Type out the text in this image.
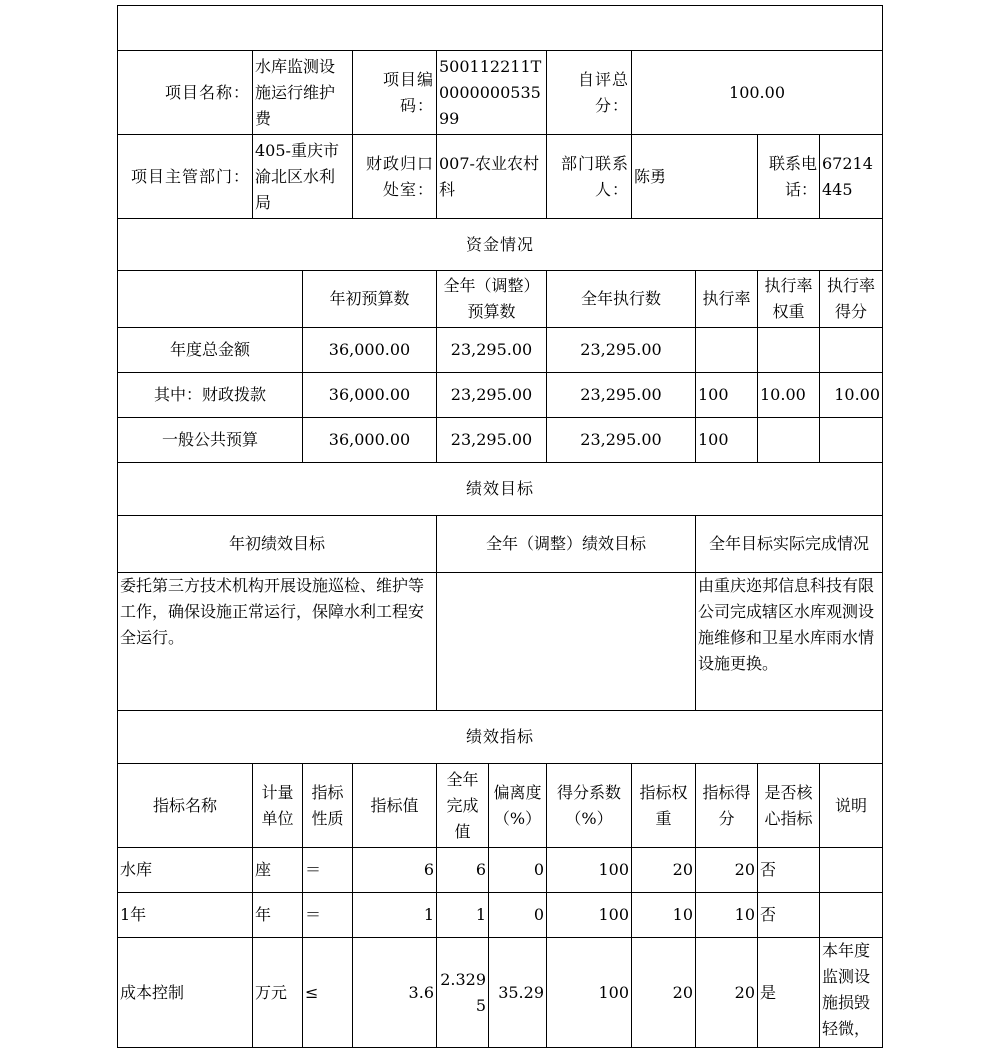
项目名称：	水库监测设施运行维护费		项目编码：	500112211T000000053599		自评总分：	100.00			
项目主管部门：	405-重庆市渝北区水利局		财政归口处室：	007-农业农村科		部门联系人：	陈勇		联系电话：	67214445
资金情况										
		年初预算数		全年（调整）预算数		全年执行数		执行率	执行率权重	执行率得分
年度总金额		36,000.00		23,295.00		23,295.00				
其中：财政拨款		36,000.00		23,295.00		23,295.00		100	10.00	10.00
一般公共预算		36,000.00		23,295.00		23,295.00		100		
绩效目标										
年初绩效目标				全年（调整）绩效目标				全年目标实际完成情况		
委托第三方技术机构开展设施巡检、维护等工作，确保设施正常运行，保障水利工程安全运行。								由重庆迩邦信息科技有限公司完成辖区水库观测设施维修和卫星水库雨水情设施更换。		
绩效指标										
指标名称	计量单位	指标性质	指标值	全年完成值	偏离度（%）	得分系数（%）	指标权重	指标得分	是否核心指标	说明
水库	座	＝	6	6	0	100	20	20	否	
1年	年	＝	1	1	0	100	10	10	否	
成本控制	万元	≤	3.6	2.3295	35.29	100	20	20	是	本年度监测设施损毁轻微，
